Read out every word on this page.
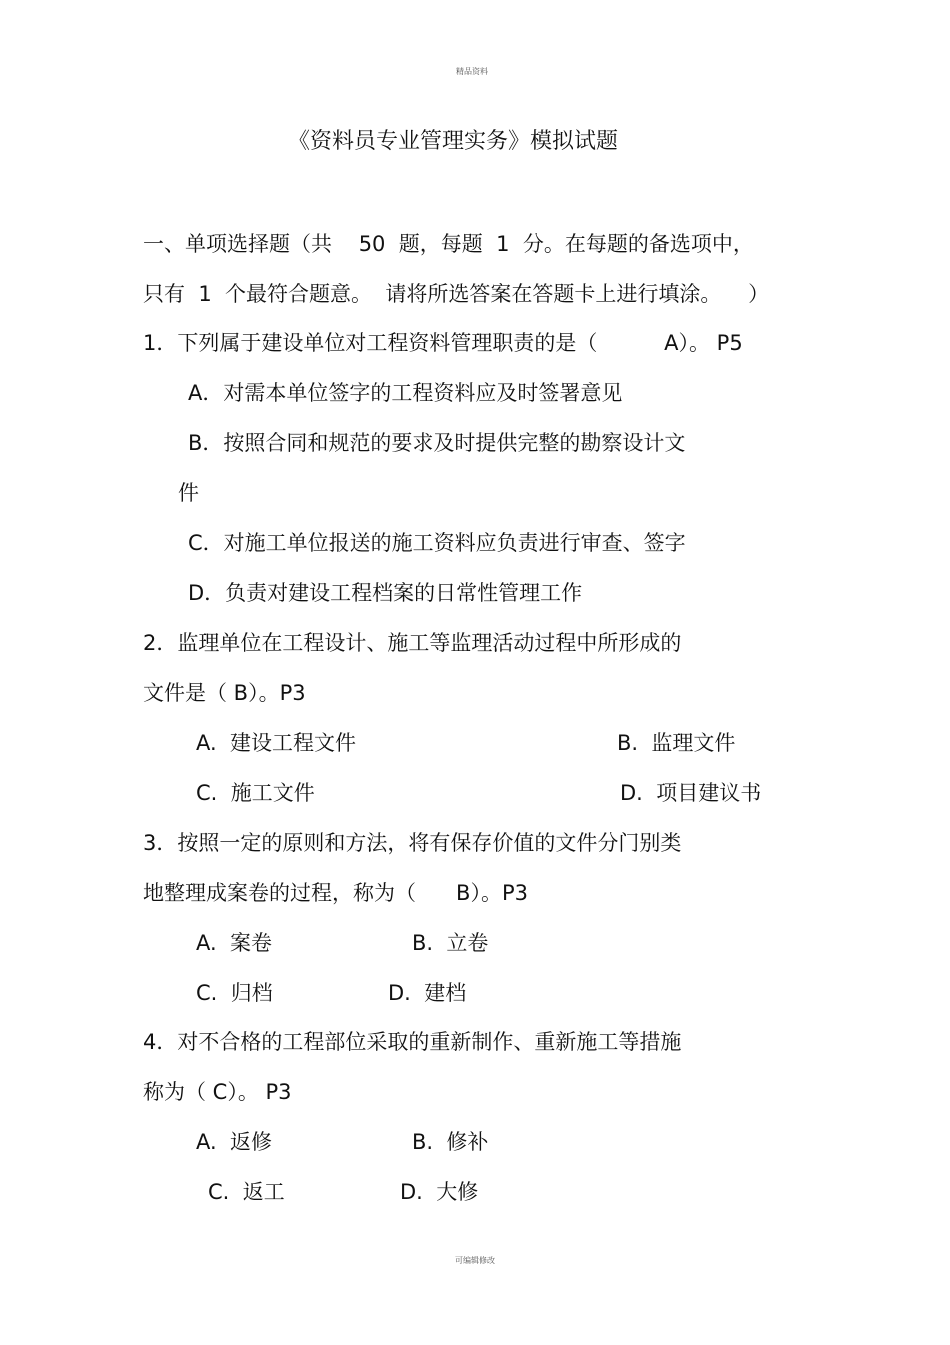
精品资料
《资料员专业管理实务》模拟试题
一、单项选择题（共    50  题，每题  1  分。在每题的备选项中，
只有  1  个最符合题意。  请将所选答案在答题卡上进行填涂。    ）
1．下列属于建设单位对工程资料管理职责的是（          A）。 P5
A．对需本单位签字的工程资料应及时签署意见
B．按照合同和规范的要求及时提供完整的勘察设计文
件
C．对施工单位报送的施工资料应负责进行审查、签字
D．负责对建设工程档案的日常性管理工作
2．监理单位在工程设计、施工等监理活动过程中所形成的
文件是（ B）。P3
A.  建设工程文件	B.  监理文件
C.  施工文件	D.  项目建议书
3．按照一定的原则和方法，将有保存价值的文件分门别类
地整理成案卷的过程，称为（      B）。P3
A.  案卷	B.  立卷
C.  归档	D.  建档
4．对不合格的工程部位采取的重新制作、重新施工等措施
称为（ C）。 P3
A.  返修	B.  修补
C.  返工	D.  大修
可编辑修改
